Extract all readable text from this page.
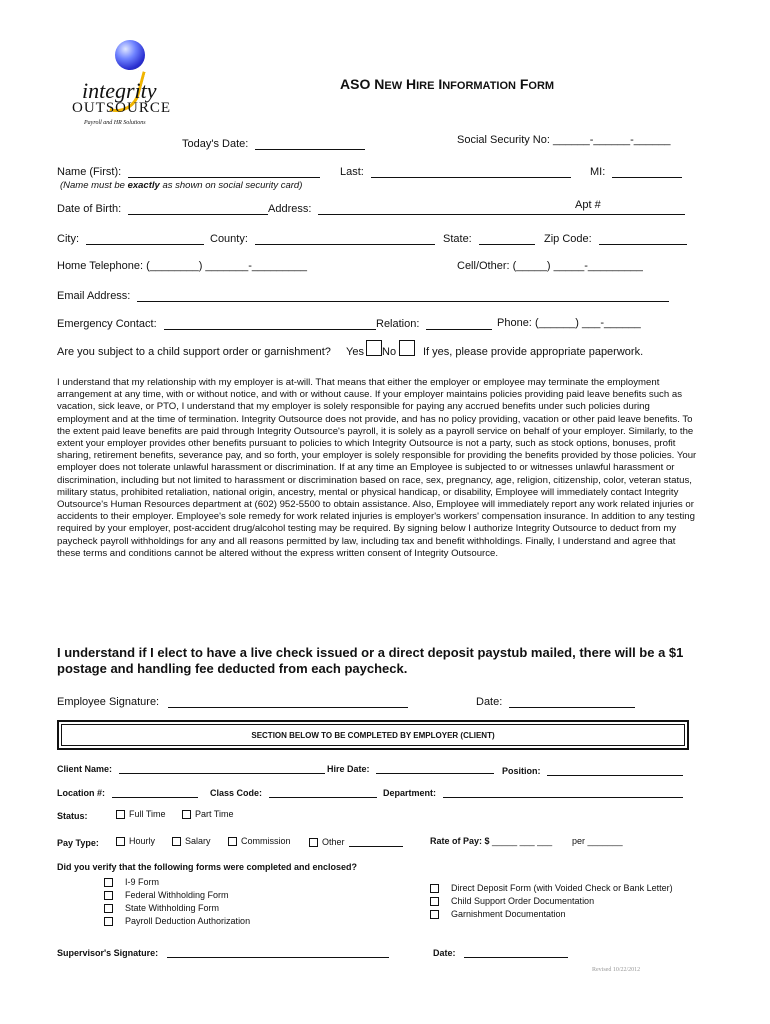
integrity
OUTSOURCE
Payroll and HR Solutions
ASO NEW HIRE INFORMATION FORM
Today's Date:	Social Security No: ______-______-______
Name (First):	Last:	MI:
(Name must be exactly as shown on social security card)
Date of Birth:	Address:	Apt #
City:	County:	State:	Zip Code:
Home Telephone: (________) _______-_________	Cell/Other: (_____) _____-_________
Email Address:
Emergency Contact:	Relation:	Phone: (______) ___-______
Are you subject to a child support order or garnishment? Yes No If yes, please provide appropriate paperwork.
I understand that my relationship with my employer is at-will. That means that either the employer or employee may terminate the employment arrangement at any time, with or without notice, and with or without cause. If your employer maintains policies providing paid leave benefits such as vacation, sick leave, or PTO, I understand that my employer is solely responsible for paying any accrued benefits under such policies during employment and at the time of termination. Integrity Outsource does not provide, and has no policy providing, vacation or other paid leave benefits. To the extent paid leave benefits are paid through Integrity Outsource's payroll, it is solely as a payroll service on behalf of your employer. Similarly, to the extent your employer provides other benefits pursuant to policies to which Integrity Outsource is not a party, such as stock options, bonuses, profit sharing, retirement benefits, severance pay, and so forth, your employer is solely responsible for providing the benefits provided by those policies. Your employer does not tolerate unlawful harassment or discrimination. If at any time an Employee is subjected to or witnesses unlawful harassment or discrimination, including but not limited to harassment or discrimination based on race, sex, pregnancy, age, religion, citizenship, color, veteran status, military status, prohibited retaliation, national origin, ancestry, mental or physical handicap, or disability, Employee will immediately contact Integrity Outsource's Human Resources department at (602) 952-5500 to obtain assistance. Also, Employee will immediately report any work related injuries or accidents to their employer. Employee's sole remedy for work related injuries is employer's workers' compensation insurance. In addition to any testing required by your employer, post-accident drug/alcohol testing may be required. By signing below I authorize Integrity Outsource to deduct from my paycheck payroll withholdings for any and all reasons permitted by law, including tax and benefit withholdings. Finally, I understand and agree that these terms and conditions cannot be altered without the express written consent of Integrity Outsource.
I understand if I elect to have a live check issued or a direct deposit paystub mailed, there will be a $1 postage and handling fee deducted from each paycheck.
Employee Signature:	Date:
SECTION BELOW TO BE COMPLETED BY EMPLOYER (CLIENT)
Client Name:	Hire Date:	Position:
Location #:	Class Code:	Department:
Status:	Full Time	Part Time
Pay Type:	Hourly	Salary	Commission	Other	Rate of Pay: $ _____ ___ ___ per _______
Did you verify that the following forms were completed and enclosed?
I-9 Form
Federal Withholding Form
State Withholding Form
Payroll Deduction Authorization
Direct Deposit Form (with Voided Check or Bank Letter)
Child Support Order Documentation
Garnishment Documentation
Supervisor's Signature:	Date:
Revised 10/22/2012
